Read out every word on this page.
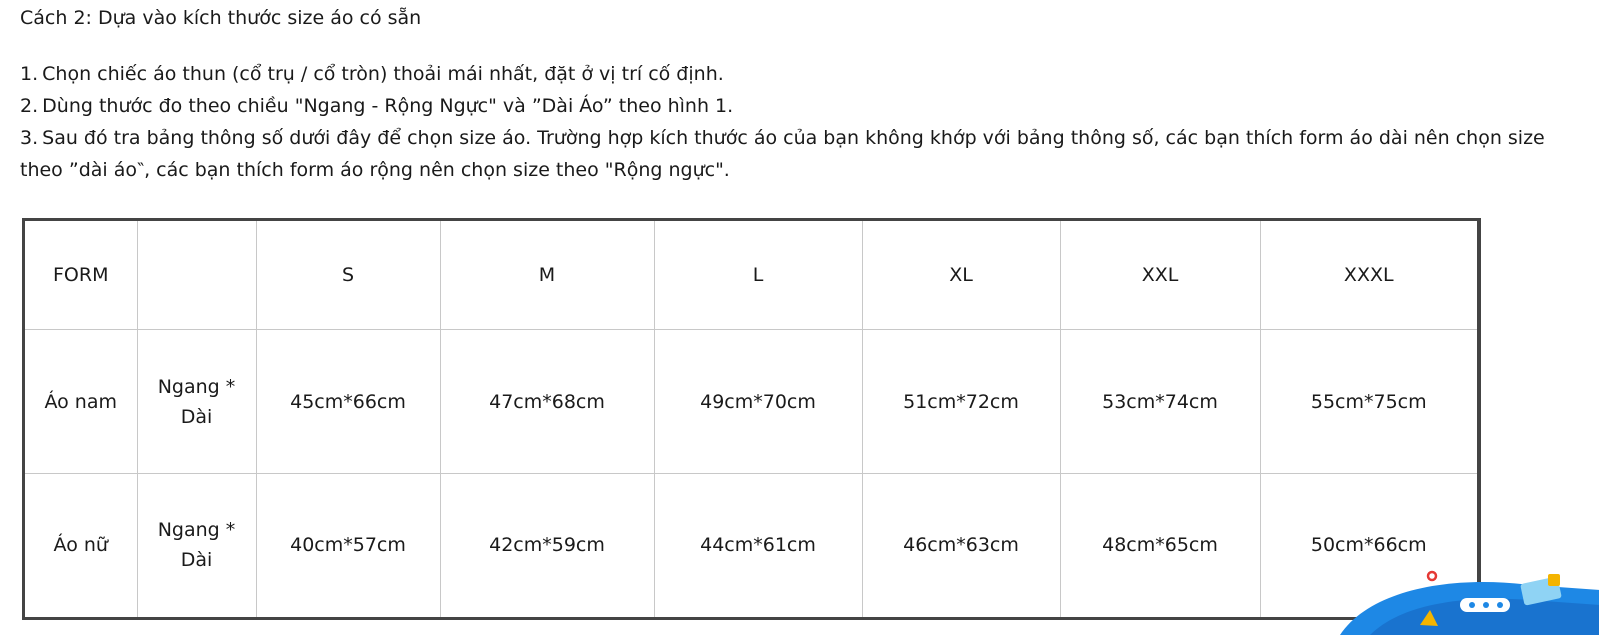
Cách 2: Dựa vào kích thước size áo có sẵn
1. Chọn chiếc áo thun (cổ trụ / cổ tròn) thoải mái nhất, đặt ở vị trí cố định.
2. Dùng thước đo theo chiều "Ngang - Rộng Ngực" và ”Dài Áo” theo hình 1.
3. Sau đó tra bảng thông số dưới đây để chọn size áo. Trường hợp kích thước áo của bạn không khớp với bảng thông số, các bạn thích form áo dài nên chọn size theo ”dài áo‶, các bạn thích form áo rộng nên chọn size theo "Rộng ngực".
FORM		S	M	L	XL	XXL	XXXL
Áo nam	Ngang * Dài	45cm*66cm	47cm*68cm	49cm*70cm	51cm*72cm	53cm*74cm	55cm*75cm
Áo nữ	Ngang * Dài	40cm*57cm	42cm*59cm	44cm*61cm	46cm*63cm	48cm*65cm	50cm*66cm
